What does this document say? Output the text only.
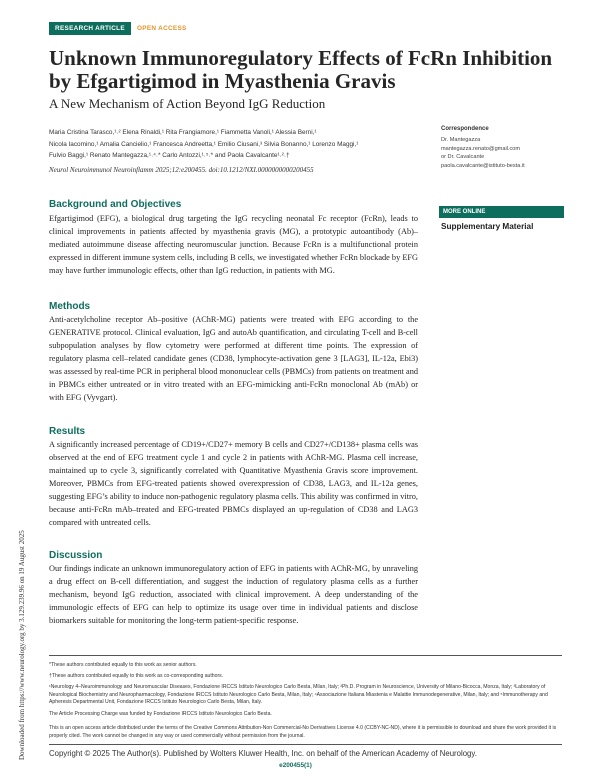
RESEARCH ARTICLE	OPEN ACCESS
Unknown Immunoregulatory Effects of FcRn Inhibition by Efgartigimod in Myasthenia Gravis
A New Mechanism of Action Beyond IgG Reduction
Maria Cristina Tarasco,¹˒² Elena Rinaldi,¹ Rita Frangiamore,¹ Fiammetta Vanoli,¹ Alessia Berni,¹
Nicola Iacomino,¹ Amalia Cancielio,¹ Francesca Andreetta,¹ Emilio Ciusani,³ Silvia Bonanno,¹ Lorenzo Maggi,¹
Fulvio Baggi,¹ Renato Mantegazza,¹˒⁴˒* Carlo Antozzi,¹˒⁵˒* and Paola Cavalcante¹˒²˒†
Neurol Neuroimmunol Neuroinflamm 2025;12:e200455. doi:10.1212/NXI.0000000000200455
Correspondence
Dr. Mantegazza
mantegazza.renato@gmail.com
or Dr. Cavalcante
paola.cavalcante@istituto-besta.it
MORE ONLINE
Supplementary Material
Background and Objectives

Efgartigimod (EFG), a biological drug targeting the IgG recycling neonatal Fc receptor (FcRn), leads to clinical improvements in patients affected by myasthenia gravis (MG), a prototypic autoantibody (Ab)–mediated autoimmune disease affecting neuromuscular junction. Because FcRn is a multifunctional protein expressed in different immune system cells, including B cells, we investigated whether FcRn blockade by EFG may have further immunologic effects, other than IgG reduction, in patients with MG.

Methods

Anti-acetylcholine receptor Ab–positive (AChR-MG) patients were treated with EFG according to the GENERATIVE protocol. Clinical evaluation, IgG and autoAb quantification, and circulating T-cell and B-cell subpopulation analyses by flow cytometry were performed at different time points. The expression of regulatory plasma cell–related candidate genes (CD38, lymphocyte-activation gene 3 [LAG3], IL-12a, Ebi3) was assessed by real-time PCR in peripheral blood mononuclear cells (PBMCs) from patients on treatment and in PBMCs either untreated or in vitro treated with an EFG-mimicking anti-FcRn monoclonal Ab (mAb) or with EFG (Vyvgart).

Results

A significantly increased percentage of CD19+/CD27+ memory B cells and CD27+/CD138+ plasma cells was observed at the end of EFG treatment cycle 1 and cycle 2 in patients with AChR-MG. Plasma cell increase, maintained up to cycle 3, significantly correlated with Quantitative Myasthenia Gravis score improvement. Moreover, PBMCs from EFG-treated patients showed overexpression of CD38, LAG3, and IL-12a genes, suggesting EFG’s ability to induce non-pathogenic regulatory plasma cells. This ability was confirmed in vitro, because anti-FcRn mAb–treated and EFG-treated PBMCs displayed an up-regulation of CD38 and LAG3 compared with untreated cells.

Discussion

Our findings indicate an unknown immunoregulatory action of EFG in patients with AChR-MG, by unraveling a drug effect on B-cell differentiation, and suggest the induction of regulatory plasma cells as a further mechanism, beyond IgG reduction, associated with clinical improvement. A deep understanding of the immunologic effects of EFG can help to optimize its usage over time in individual patients and disclose biomarkers suitable for monitoring the long-term patient-specific response.

*These authors contributed equally to this work as senior authors.

†These authors contributed equally to this work as co-corresponding authors.

¹Neurology 4–Neuroimmunology and Neuromuscular Diseases, Fondazione IRCCS Istituto Neurologico Carlo Besta, Milan, Italy; ²Ph.D. Program in Neuroscience, University of Milano-Bicocca, Monza, Italy; ³Laboratory of Neurological Biochemistry and Neuropharmacology, Fondazione IRCCS Istituto Neurologico Carlo Besta, Milan, Italy; ⁴Associazione Italiana Miastenia e Malattie Immunodegenerative, Milan, Italy; and ⁵Immunotherapy and Apheresis Departmental Unit, Fondazione IRCCS Istituto Neurologico Carlo Besta, Milan, Italy.

The Article Processing Charge was funded by Fondazione IRCCS Istituto Neurologico Carlo Besta.

This is an open access article distributed under the terms of the Creative Commons Attribution-Non Commercial-No Derivatives License 4.0 (CCBY-NC-ND), where it is permissible to download and share the work provided it is properly cited. The work cannot be changed in any way or used commercially without permission from the journal.

Copyright © 2025 The Author(s). Published by Wolters Kluwer Health, Inc. on behalf of the American Academy of Neurology.
e200455(1)
Downloaded from https://www.neurology.org by 3.129.239.96 on 19 August 2025
